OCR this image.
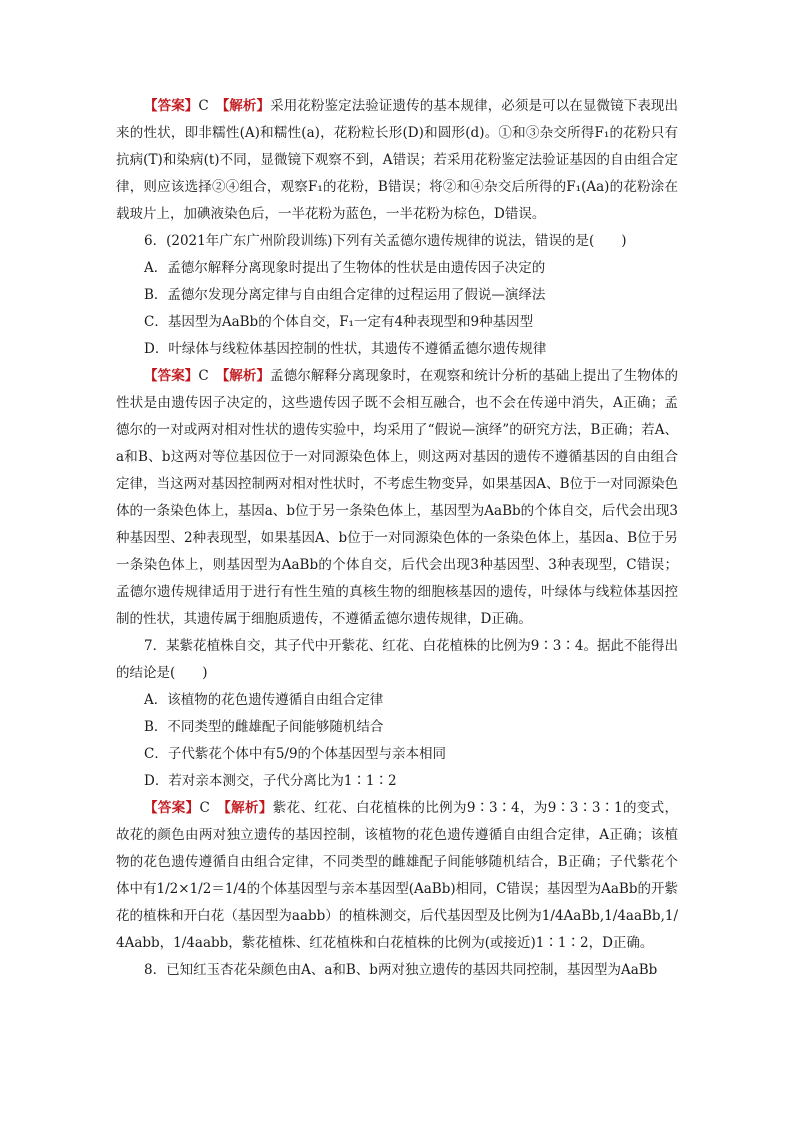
【答案】C　 【解析】采用花粉鉴定法验证遗传的基本规律，必须是可以在显微镜下表现出来的性状，即非糯性(A)和糯性(a)，花粉粒长形(D)和圆形(d)。①和③杂交所得F₁的花粉只有抗病(T)和染病(t)不同，显微镜下观察不到，A错误；若采用花粉鉴定法验证基因的自由组合定律，则应该选择②④组合，观察F₁的花粉，B错误；将②和④杂交后所得的F₁(Aa)的花粉涂在载玻片上，加碘液染色后，一半花粉为蓝色，一半花粉为棕色，D错误。

6．(2021年广东广州阶段训练)下列有关孟德尔遗传规律的说法，错误的是(　　)

A．孟德尔解释分离现象时提出了生物体的性状是由遗传因子决定的

B．孟德尔发现分离定律与自由组合定律的过程运用了假说—演绎法

C．基因型为AaBb的个体自交，F₁一定有4种表现型和9种基因型

D．叶绿体与线粒体基因控制的性状，其遗传不遵循孟德尔遗传规律

【答案】C　 【解析】孟德尔解释分离现象时，在观察和统计分析的基础上提出了生物体的性状是由遗传因子决定的，这些遗传因子既不会相互融合，也不会在传递中消失，A正确；孟德尔的一对或两对相对性状的遗传实验中，均采用了“假说—演绎”的研究方法，B正确；若A、a和B、b这两对等位基因位于一对同源染色体上，则这两对基因的遗传不遵循基因的自由组合定律，当这两对基因控制两对相对性状时，不考虑生物变异，如果基因A、B位于一对同源染色体的一条染色体上，基因a、b位于另一条染色体上，基因型为AaBb的个体自交，后代会出现3种基因型、2种表现型，如果基因A、b位于一对同源染色体的一条染色体上，基因a、B位于另一条染色体上，则基因型为AaBb的个体自交，后代会出现3种基因型、3种表现型，C错误；孟德尔遗传规律适用于进行有性生殖的真核生物的细胞核基因的遗传，叶绿体与线粒体基因控制的性状，其遗传属于细胞质遗传，不遵循孟德尔遗传规律，D正确。

7．某紫花植株自交，其子代中开紫花、红花、白花植株的比例为9∶3∶4。据此不能得出的结论是(　　)

A．该植物的花色遗传遵循自由组合定律

B．不同类型的雌雄配子间能够随机结合

C．子代紫花个体中有5/9的个体基因型与亲本相同

D．若对亲本测交，子代分离比为1∶1∶2

【答案】C　 【解析】紫花、红花、白花植株的比例为9∶3∶4，为9∶3∶3∶1的变式，故花的颜色由两对独立遗传的基因控制，该植物的花色遗传遵循自由组合定律，A正确；该植物的花色遗传遵循自由组合定律，不同类型的雌雄配子间能够随机结合，B正确；子代紫花个体中有1/2×1/2＝1/4的个体基因型与亲本基因型(AaBb)相同，C错误；基因型为AaBb的开紫花的植株和开白花（基因型为aabb）的植株测交，后代基因型及比例为1/4AaBb,1/4aaBb,1/4Aabb，1/4aabb，紫花植株、红花植株和白花植株的比例为(或接近)1∶1∶2，D正确。

8．已知红玉杏花朵颜色由A、a和B、b两对独立遗传的基因共同控制，基因型为AaBb
